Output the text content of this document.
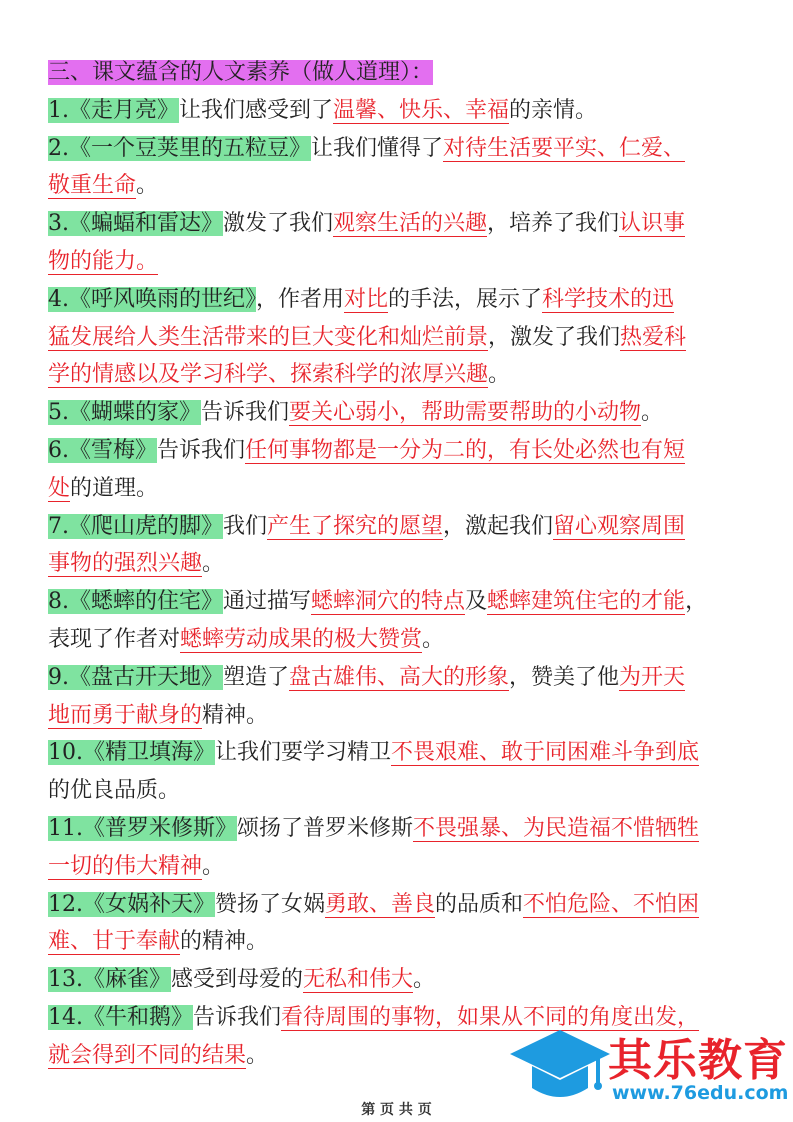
三、课文蕴含的人文素养（做人道理）：
1.《走月亮》让我们感受到了温馨、快乐、幸福的亲情。
2.《一个豆荚里的五粒豆》让我们懂得了对待生活要平实、仁爱、
敬重生命。
3.《蝙蝠和雷达》激发了我们观察生活的兴趣，培养了我们认识事
物的能力。
4.《呼风唤雨的世纪》，作者用对比的手法，展示了科学技术的迅
猛发展给人类生活带来的巨大变化和灿烂前景，激发了我们热爱科
学的情感以及学习科学、探索科学的浓厚兴趣。
5.《蝴蝶的家》告诉我们要关心弱小，帮助需要帮助的小动物。
6.《雪梅》告诉我们任何事物都是一分为二的，有长处必然也有短
处的道理。
7.《爬山虎的脚》我们产生了探究的愿望，激起我们留心观察周围
事物的强烈兴趣。
8.《蟋蟀的住宅》通过描写蟋蟀洞穴的特点及蟋蟀建筑住宅的才能，
表现了作者对蟋蟀劳动成果的极大赞赏。
9.《盘古开天地》塑造了盘古雄伟、高大的形象，赞美了他为开天
地而勇于献身的精神。
10.《精卫填海》让我们要学习精卫不畏艰难、敢于同困难斗争到底
的优良品质。
11.《普罗米修斯》颂扬了普罗米修斯不畏强暴、为民造福不惜牺牲
一切的伟大精神。
12.《女娲补天》赞扬了女娲勇敢、善良的品质和不怕危险、不怕困
难、甘于奉献的精神。
13.《麻雀》感受到母爱的无私和伟大。
14.《牛和鹅》告诉我们看待周围的事物，如果从不同的角度出发，
就会得到不同的结果。	其乐教育
www.76edu.com
第 页 共 页
